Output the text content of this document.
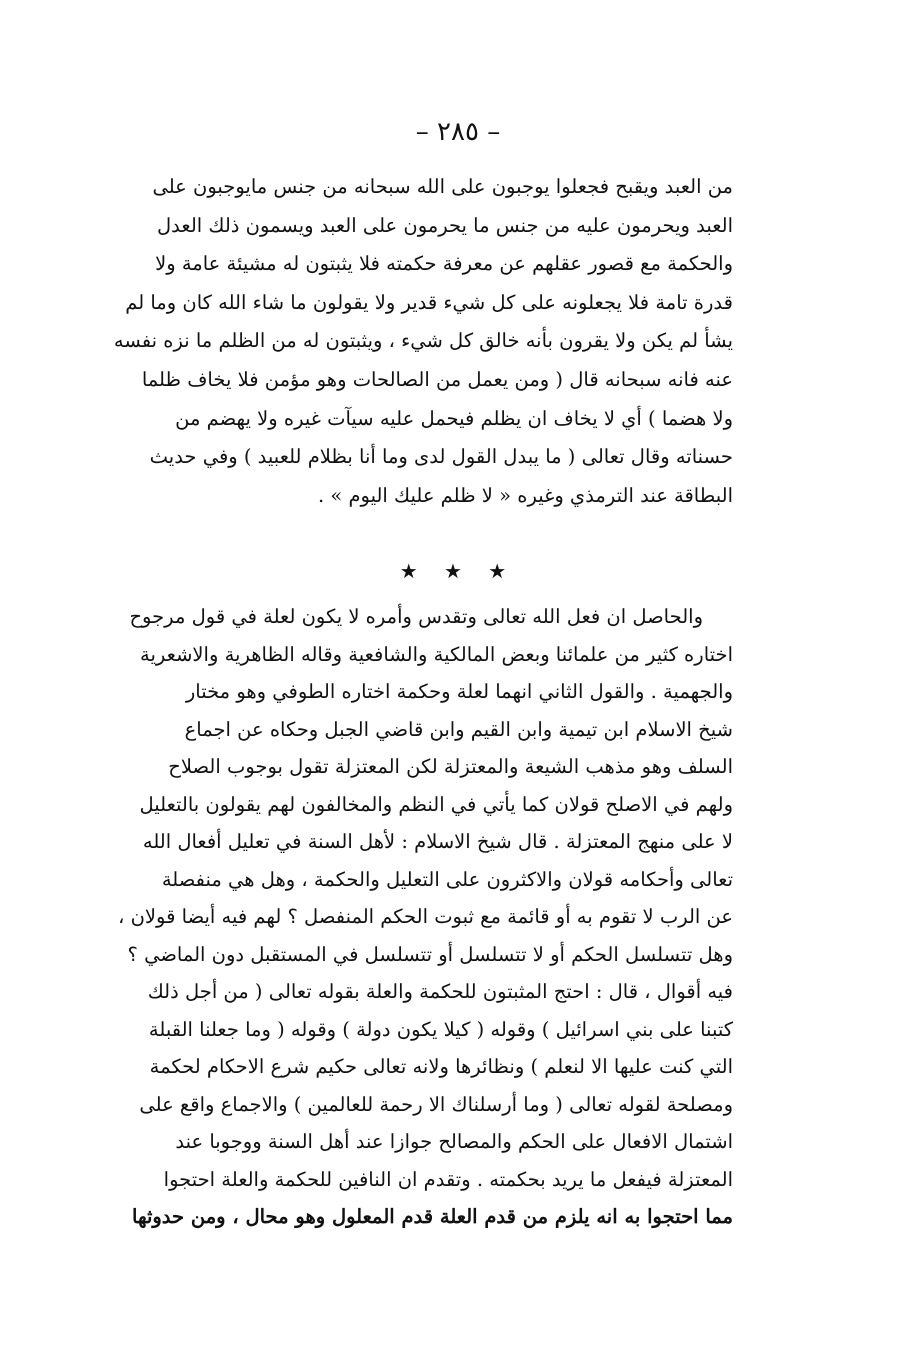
– ٢٨٥ –
من العبد ويقبح فجعلوا يوجبون على الله سبحانه من جنس مايوجبون على
العبد ويحرمون عليه من جنس ما يحرمون على العبد ويسمون ذلك العدل
والحكمة مع قصور عقلهم عن معرفة حكمته فلا يثبتون له مشيئة عامة ولا
قدرة تامة فلا يجعلونه على كل شيء قدير ولا يقولون ما شاء الله كان وما لم
يشأ لم يكن ولا يقرون بأنه خالق كل شيء ، ويثبتون له من الظلم ما نزه نفسه
عنه فانه سبحانه قال ( ومن يعمل من الصالحات وهو مؤمن فلا يخاف ظلما
ولا هضما ) أي لا يخاف ان يظلم فيحمل عليه سيآت غيره ولا يهضم من
حسناته وقال تعالى ( ما يبدل القول لدى وما أنا بظلام للعبيد ) وفي حديث
البطاقة عند الترمذي وغيره « لا ظلم عليك اليوم » .
★ ★ ★
والحاصل ان فعل الله تعالى وتقدس وأمره لا يكون لعلة في قول مرجوح
اختاره كثير من علمائنا وبعض المالكية والشافعية وقاله الظاهرية والاشعرية
والجهمية . والقول الثاني انهما لعلة وحكمة اختاره الطوفي وهو مختار
شيخ الاسلام ابن تيمية وابن القيم وابن قاضي الجبل وحكاه عن اجماع
السلف وهو مذهب الشيعة والمعتزلة لكن المعتزلة تقول بوجوب الصلاح
ولهم في الاصلح قولان كما يأتي في النظم والمخالفون لهم يقولون بالتعليل
لا على منهج المعتزلة . قال شيخ الاسلام : لأهل السنة في تعليل أفعال الله
تعالى وأحكامه قولان والاكثرون على التعليل والحكمة ، وهل هي منفصلة
عن الرب لا تقوم به أو قائمة مع ثبوت الحكم المنفصل ؟ لهم فيه أيضا قولان ،
وهل تتسلسل الحكم أو لا تتسلسل أو تتسلسل في المستقبل دون الماضي ؟
فيه أقوال ، قال : احتج المثبتون للحكمة والعلة بقوله تعالى ( من أجل ذلك
كتبنا على بني اسرائيل ) وقوله ( كيلا يكون دولة ) وقوله ( وما جعلنا القبلة
التي كنت عليها الا لنعلم ) ونظائرها ولانه تعالى حكيم شرع الاحكام لحكمة
ومصلحة لقوله تعالى ( وما أرسلناك الا رحمة للعالمين ) والاجماع واقع على
اشتمال الافعال على الحكم والمصالح جوازا عند أهل السنة ووجوبا عند
المعتزلة فيفعل ما يريد بحكمته . وتقدم ان النافين للحكمة والعلة احتجوا
مما احتجوا به انه يلزم من قدم العلة قدم المعلول وهو محال ، ومن حدوثها
